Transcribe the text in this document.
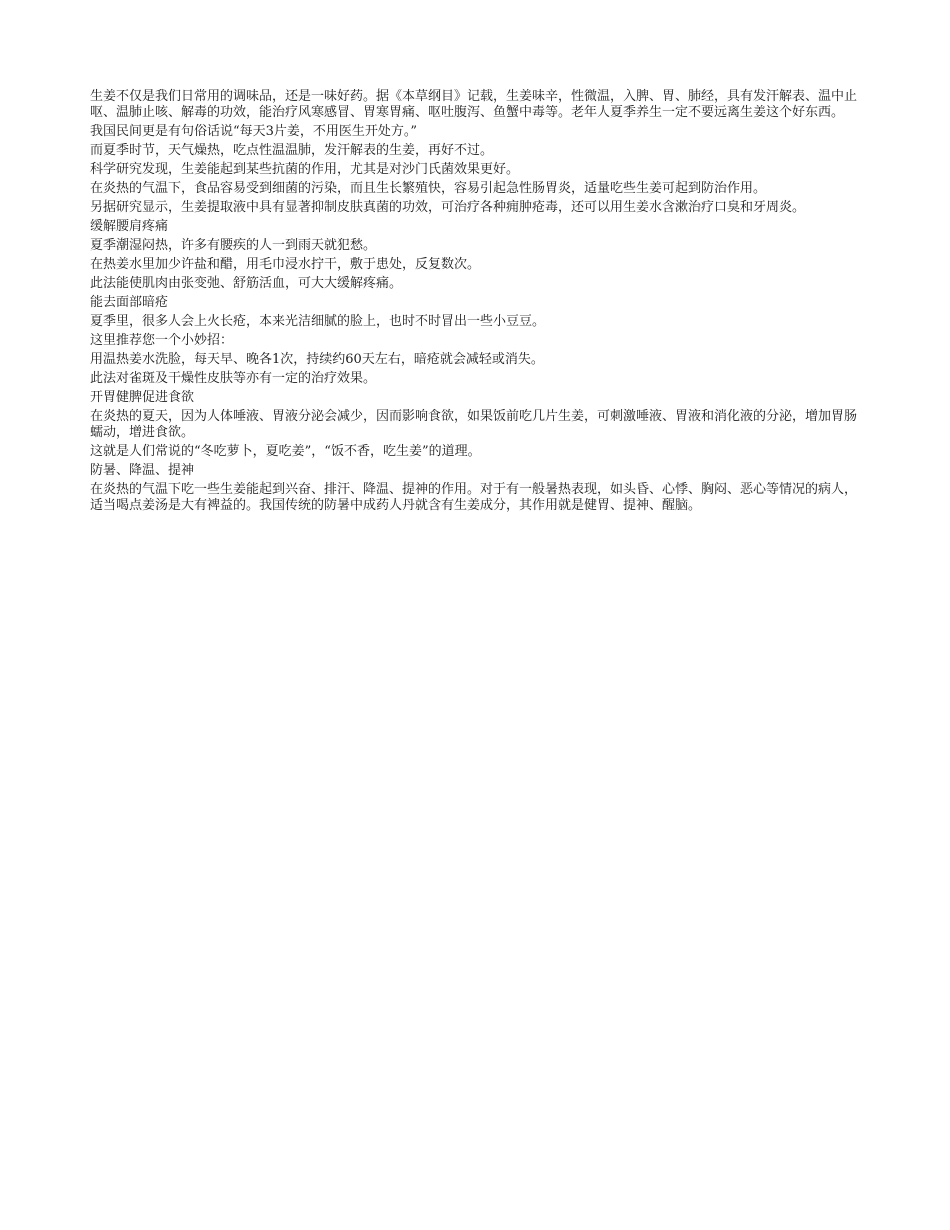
生姜不仅是我们日常用的调味品，还是一味好药。据《本草纲目》记载，生姜味辛，性微温，入脾、胃、肺经，具有发汗解表、温中止呕、温肺止咳、解毒的功效，能治疗风寒感冒、胃寒胃痛、呕吐腹泻、鱼蟹中毒等。老年人夏季养生一定不要远离生姜这个好东西。

我国民间更是有句俗话说“每天3片姜，不用医生开处方。”

而夏季时节，天气燥热，吃点性温温肺，发汗解表的生姜，再好不过。

科学研究发现，生姜能起到某些抗菌的作用，尤其是对沙门氏菌效果更好。

在炎热的气温下，食品容易受到细菌的污染，而且生长繁殖快，容易引起急性肠胃炎，适量吃些生姜可起到防治作用。

另据研究显示，生姜提取液中具有显著抑制皮肤真菌的功效，可治疗各种痈肿疮毒，还可以用生姜水含漱治疗口臭和牙周炎。

缓解腰肩疼痛

夏季潮湿闷热，许多有腰疾的人一到雨天就犯愁。

在热姜水里加少许盐和醋，用毛巾浸水拧干，敷于患处，反复数次。

此法能使肌肉由张变弛、舒筋活血，可大大缓解疼痛。

能去面部暗疮

夏季里，很多人会上火长疮，本来光洁细腻的脸上，也时不时冒出一些小豆豆。

这里推荐您一个小妙招：

用温热姜水洗脸，每天早、晚各1次，持续约60天左右，暗疮就会减轻或消失。

此法对雀斑及干燥性皮肤等亦有一定的治疗效果。

开胃健脾促进食欲

在炎热的夏天，因为人体唾液、胃液分泌会减少，因而影响食欲，如果饭前吃几片生姜，可刺激唾液、胃液和消化液的分泌，增加胃肠蠕动，增进食欲。

这就是人们常说的“冬吃萝卜，夏吃姜”，“饭不香，吃生姜”的道理。

防暑、降温、提神

在炎热的气温下吃一些生姜能起到兴奋、排汗、降温、提神的作用。对于有一般暑热表现，如头昏、心悸、胸闷、恶心等情况的病人，适当喝点姜汤是大有裨益的。我国传统的防暑中成药人丹就含有生姜成分，其作用就是健胃、提神、醒脑。
